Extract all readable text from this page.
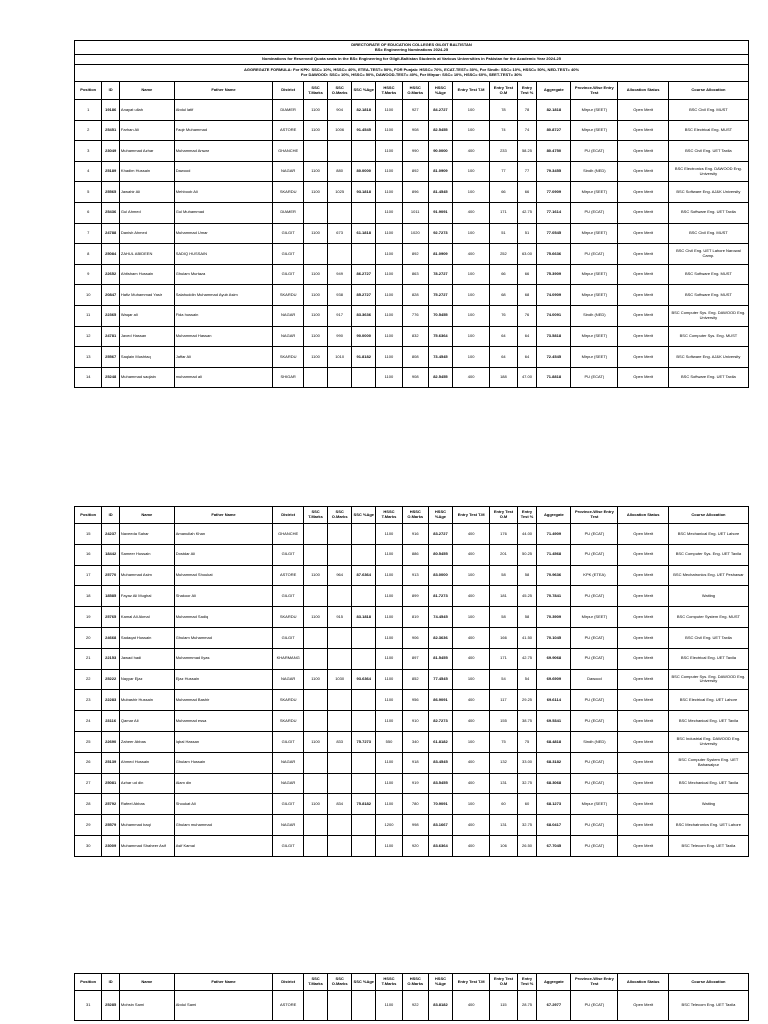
DIRECTORATE OF EDUCATION COLLEGES GILGIT BALTISTAN
BSc Engineering Nominations 2024-25																	

Nominations for Reserved/ Quota seats in the BSc Engineering for Gilgit-Baltistan Students at Various Universities in Pakistan for the Academic Year 2024-25																	

AGGREGATE FORMULA: For KPK: SSC= 10%, HSSC= 40%, ETEA-TEST= 50%, FOR Punjab: HSSC= 70%, ECAT-TEST= 30%, For Sindh: SSC= 10%, HSSC= 50%, NED-TEST= 40%
For DAWOOD: SSC= 10%, HSSC= 50%, DAWOOD-TEST= 40%, For Mirpur: SSC= 10%, HSSC= 60%, SEET-TEST= 30%																	

Position	ID	Name	Father Name	District	SSC T.Marks	SSC O.Marks	SSC %Age	HSSC T.Marks	HSSC O.Marks	HSSC %Age	Entry Test T.M	Entry Test O.M	Entry Test %	Aggregate	Province-Wise Entry Test	Allocation Status	Course Allocation
1	19186	Anayat ullah	Abdul latif	DIAMER	1100	904	82.1818	1100	927	84.2727	100	78	78	82.1818	Mirpur (SEET)	Open Merit	BSC Civil Eng. MUST
2	25451	Farhan Ali	Faqir Muhammad	ASTORE	1100	1006	91.4545	1100	908	82.5455	100	74	74	80.8727	Mirpur (SEET)	Open Merit	BSC Electrical Eng. MUST
3	23049	Muhammad Azhar	Muhammad Anwar	GHANCHE				1100	990	90.0000	400	233	58.25	80.4750	PU (ECAT)	Open Merit	BSC Civil Eng. UET Taxila
4	25189	Khadim Hussain	Dawood	NAGAR	1100	880	80.0000	1100	892	81.0909	100	77	77	79.3455	Sindh (NED)	Open Merit	BSC Electronics Eng. DAWOOD Eng. University
5	25565	Jawahir Ali	Mehboob Ali	SKARDU	1100	1025	93.1818	1100	896	81.4545	100	66	66	77.0909	Mirpur (SEET)	Open Merit	BSC Software Eng. AJ&K University
6	25436	Gul Ahmed	Gul Muhammad	DIAMER				1100	1011	91.9091	400	171	42.75	77.1614	PU (ECAT)	Open Merit	BSC Software Eng. UET Taxila
7	24788	Danish Ahmed	Muhammad Umar	GILGIT	1100	673	61.1818	1100	1020	92.7273	100	51	51	77.0545	Mirpur (SEET)	Open Merit	BSC Civil Eng. MUST
8	25084	ZAHUL ABIDEEN	SADIQ HUSSAIN	GILGIT				1100	892	81.0909	400	252	63.00	75.6636	PU (ECAT)	Open Merit	BSC Civil Eng. UET Lahore Narowal Camp.
9	22652	Ahtisham Hussain	Ghulam Murtaza	GILGIT	1100	949	86.2727	1100	863	78.2727	100	66	66	75.3909	Mirpur (SEET)	Open Merit	BSC Software Eng. MUST
10	20847	Hafiz Muhammad Yasir	Salahuddin Muhammad Ayub Asim	SKARDU	1100	938	85.2727	1100	828	75.2727	100	68	68	74.0909	Mirpur (SEET)	Open Merit	BSC Software Eng. MUST
11	22365	Waqar ali	Fida hussain	NAGAR	1100	917	83.3636	1100	776	70.5455	100	76	76	74.0091	Sindh (NED)	Open Merit	BSC Computer Sys. Eng. DAWOOD Eng. University
12	24781	Javed Hassan	Muhammad Hassan	NAGAR	1100	990	90.0000	1100	832	75.6364	100	64	64	73.5818	Mirpur (SEET)	Open Merit	BSC Computer Sys. Eng. MUST
13	25567	Saqlain Mushtaq	Jaffar Ali	SKARDU	1100	1010	91.8182	1100	808	73.4545	100	64	64	72.4545	Mirpur (SEET)	Open Merit	BSC Software Eng. AJ&K University
14	25248	Muhammad saqlain	muhammad ali	SHIGAR				1100	908	82.5455	400	188	47.00	71.8818	PU (ECAT)	Open Merit	BSC Software Eng. UET Taxila
Position	ID	Name	Father Name	District	SSC T.Marks	SSC O.Marks	SSC %Age	HSSC T.Marks	HSSC O.Marks	HSSC %Age	Entry Test T.M	Entry Test O.M	Entry Test %	Aggregate	Province-Wise Entry Test	Allocation Status	Course Allocation
15	24237	Naveeda Sahar	Amanullah Khan	GHANCHE				1100	916	83.2727	400	176	44.00	71.4909	PU (ECAT)	Open Merit	BSC Mechanical Eng. UET Lahore
16	18442	Sameer Hussain	Dostdar Ali	GILGIT				1100	886	80.5455	400	201	50.25	71.4568	PU (ECAT)	Open Merit	BSC Computer Sys. Eng. UET Taxila
17	25770	Muhammad Asim	Muhammad Shoukat	ASTORE	1100	964	87.6364	1100	913	83.0000	100	58	58	70.9636	KPK (ETEA)	Open Merit	BSC Mechatronics Eng. UET Peshawar
18	18585	Fayaz Ali Mughal	Shakoor Ali	GILGIT				1100	899	81.7273	400	181	45.25	70.7841	PU (ECAT)	Open Merit	Waiting
19	25765	Kamal Ali Akmal	Muhammad Sadiq	SKARDU	1100	915	83.1818	1100	819	74.4545	100	58	58	70.3909	Mirpur (SEET)	Open Merit	BSC Computer System Eng. MUST
20	24668	Sadaqat Hussain	Ghulam Muhammad	GILGIT				1100	906	82.3636	400	166	41.50	70.1045	PU (ECAT)	Open Merit	BSC Civil Eng. UET Taxila
21	22153	Jawad hadi	Muhammmad Ilyas	KHARMANG				1100	897	81.5455	400	171	42.75	69.9068	PU (ECAT)	Open Merit	BSC Electrical Eng. UET Taxila
22	25222	Nayyar Ejaz	Ejaz Hussain	NAGAR	1100	1030	93.6364	1100	852	77.4545	100	54	54	69.6909	Dawood	Open Merit	BSC Computer Sys. Eng. DAWOOD Eng. University
23	22283	Mubashir Hussain	Muhammad Bashir	SKARDU				1100	956	86.9091	400	117	29.25	69.6114	PU (ECAT)	Open Merit	BSC Electrical Eng. UET Lahore
24	23116	Qamar Ali	Muhammad essa	SKARDU				1100	910	82.7273	400	155	38.75	69.5341	PU (ECAT)	Open Merit	BSC Mechanical Eng. UET Taxila
25	22690	Zaheer Abbas	Iqbal Hassan	GILGIT	1100	833	75.7273	550	340	61.8182	100	75	75	68.4818	Sindh (NED)	Open Merit	BSC Industrial Eng. DAWOOD Eng. University
26	25139	Ahmed Hussain	Ghulam Hussain	NAGAR				1100	918	83.4545	400	132	33.00	68.3182	PU (ECAT)	Open Merit	BSC Computer System Eng. UET Bahawalpur
27	25081	Azhar ud din	Alam din	NAGAR				1100	919	83.5455	400	131	32.75	68.3068	PU (ECAT)	Open Merit	BSC Mechanical Eng. UET Taxila
28	25792	Rafeel Abbas	Shoukat Ali	GILGIT	1100	834	75.8182	1100	780	70.9091	100	60	60	68.1273	Mirpur (SEET)	Open Merit	Waiting
29	25579	Muhammad baqi	Ghulam muhammad	NAGAR				1200	998	83.1667	400	131	32.75	68.0417	PU (ECAT)	Open Merit	BSC Mechatronics Eng. UET Lahore
30	23009	Muhammad Shaheer Asif	Asif Kamal	GILGIT				1100	920	83.6364	400	106	26.50	67.7045	PU (ECAT)	Open Merit	BSC Telecom Eng. UET Taxila
Position	ID	Name	Father Name	District	SSC T.Marks	SSC O.Marks	SSC %Age	HSSC T.Marks	HSSC O.Marks	HSSC %Age	Entry Test T.M	Entry Test O.M	Entry Test %	Aggregate	Province-Wise Entry Test	Allocation Status	Course Allocation
31	25285	Mohsin Sami	Abdul Sami	ASTORE				1100	922	83.8182	400	115	28.75	67.2977	PU (ECAT)	Open Merit	BSC Telecom Eng. UET Taxila
